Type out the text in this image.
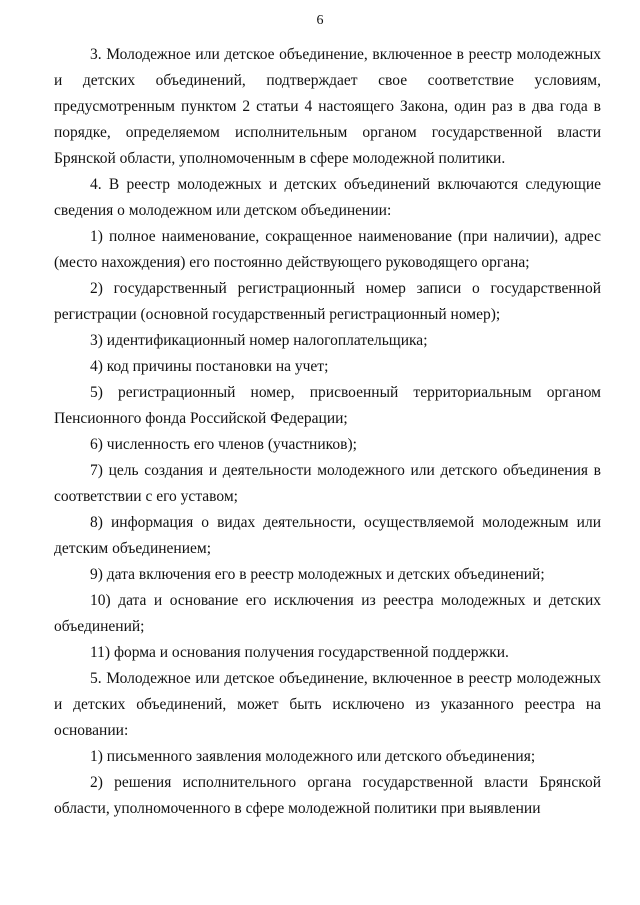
6

3. Молодежное или детское объединение, включенное в реестр молодежных и детских объединений, подтверждает свое соответствие условиям, предусмотренным пунктом 2 статьи 4 настоящего Закона, один раз в два года в порядке, определяемом исполнительным органом государственной власти Брянской области, уполномоченным в сфере молодежной политики.

4. В реестр молодежных и детских объединений включаются следующие сведения о молодежном или детском объединении:

1) полное наименование, сокращенное наименование (при наличии), адрес (место нахождения) его постоянно действующего руководящего органа;

2) государственный регистрационный номер записи о государственной регистрации (основной государственный регистрационный номер);

3) идентификационный номер налогоплательщика;

4) код причины постановки на учет;

5) регистрационный номер, присвоенный территориальным органом Пенсионного фонда Российской Федерации;

6) численность его членов (участников);

7) цель создания и деятельности молодежного или детского объединения в соответствии с его уставом;

8) информация о видах деятельности, осуществляемой молодежным или детским объединением;

9) дата включения его в реестр молодежных и детских объединений;

10) дата и основание его исключения из реестра молодежных и детских объединений;

11) форма и основания получения государственной поддержки.

5. Молодежное или детское объединение, включенное в реестр молодежных и детских объединений, может быть исключено из указанного реестра на основании:

1) письменного заявления молодежного или детского объединения;

2) решения исполнительного органа государственной власти Брянской области, уполномоченного в сфере молодежной политики при выявлении
